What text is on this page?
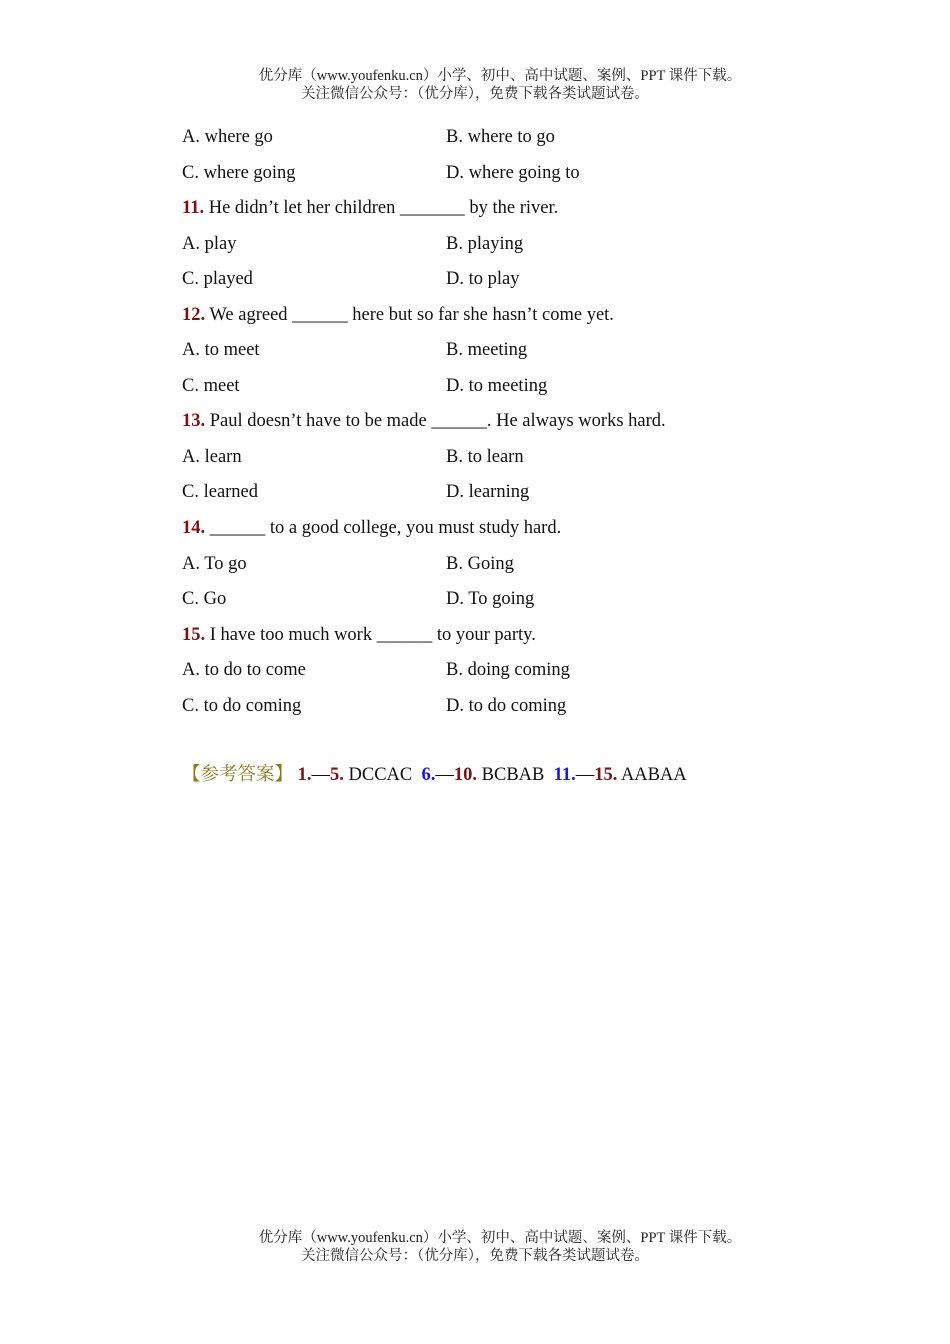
优分库（www.youfenku.cn）小学、初中、高中试题、案例、PPT 课件下载。
关注微信公众号：（优分库），免费下载各类试题试卷。
A. where go	B. where to go
C. where going	D. where going to
11. He didn’t let her children _______ by the river.
A. play	B. playing
C. played	D. to play
12. We agreed ______ here but so far she hasn’t come yet.
A. to meet	B. meeting
C. meet	D. to meeting
13. Paul doesn’t have to be made ______. He always works hard.
A. learn	B. to learn
C. learned	D. learning
14. ______ to a good college, you must study hard.
A. To go	B. Going
C. Go	D. To going
15. I have too much work ______ to your party.
A. to do to come	B. doing coming
C. to do coming	D. to do coming
【参考答案】 1.—5. DCCAC 6.—10. BCBAB 11.—15. AABAA
优分库（www.youfenku.cn）小学、初中、高中试题、案例、PPT 课件下载。
关注微信公众号：（优分库），免费下载各类试题试卷。
